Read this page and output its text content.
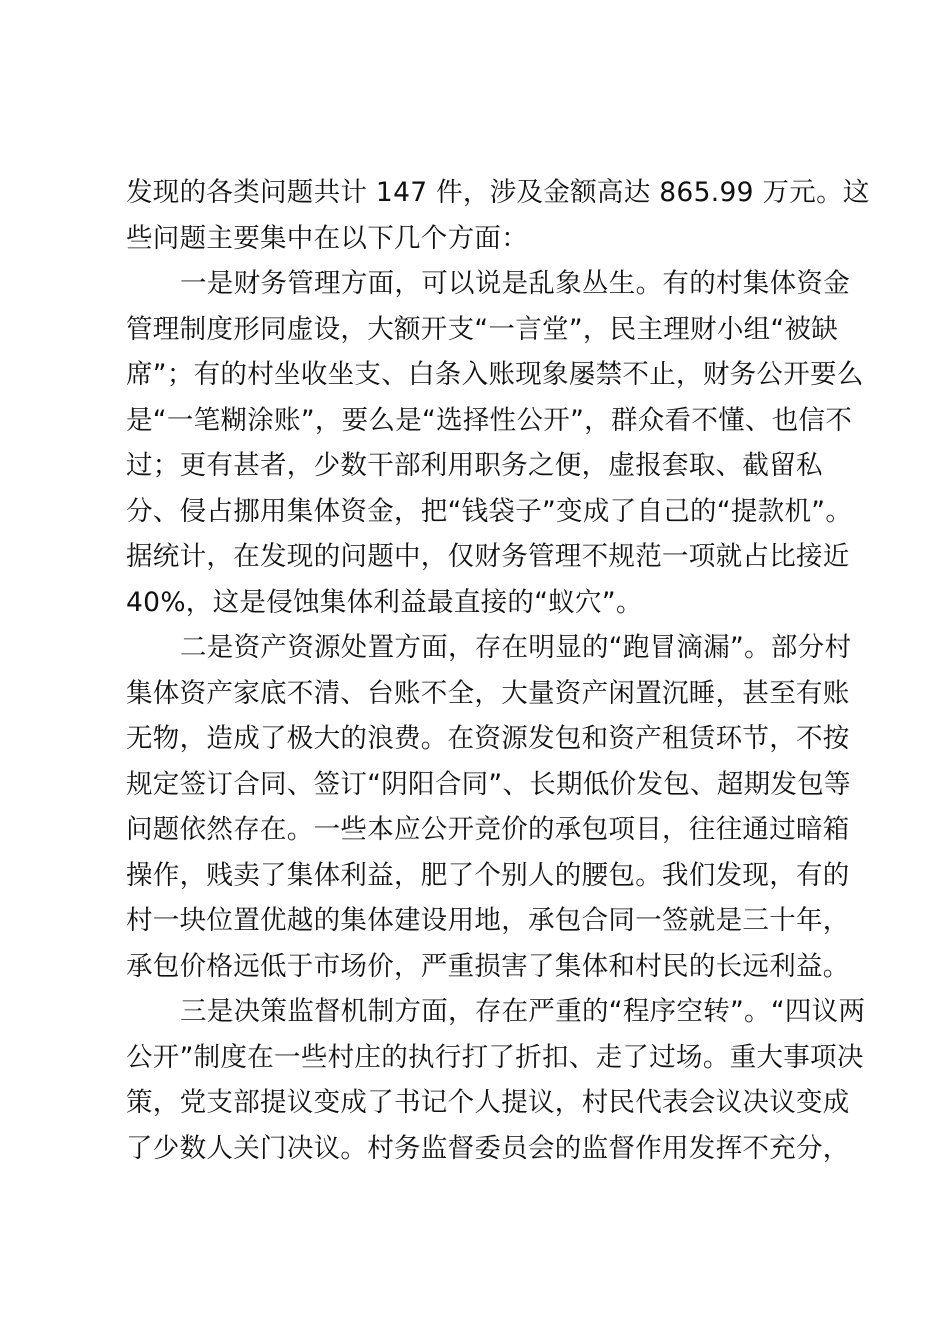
发现的各类问题共计 147 件，涉及金额高达 865.99 万元。这
些问题主要集中在以下几个方面：
一是财务管理方面，可以说是乱象丛生。有的村集体资金
管理制度形同虚设，大额开支“一言堂”，民主理财小组“被缺
席”；有的村坐收坐支、白条入账现象屡禁不止，财务公开要么
是“一笔糊涂账”，要么是“选择性公开”，群众看不懂、也信不
过；更有甚者，少数干部利用职务之便，虚报套取、截留私
分、侵占挪用集体资金，把“钱袋子”变成了自己的“提款机”。
据统计，在发现的问题中，仅财务管理不规范一项就占比接近
40%，这是侵蚀集体利益最直接的“蚁穴”。
二是资产资源处置方面，存在明显的“跑冒滴漏”。部分村
集体资产家底不清、台账不全，大量资产闲置沉睡，甚至有账
无物，造成了极大的浪费。在资源发包和资产租赁环节，不按
规定签订合同、签订“阴阳合同”、长期低价发包、超期发包等
问题依然存在。一些本应公开竞价的承包项目，往往通过暗箱
操作，贱卖了集体利益，肥了个别人的腰包。我们发现，有的
村一块位置优越的集体建设用地，承包合同一签就是三十年，
承包价格远低于市场价，严重损害了集体和村民的长远利益。
三是决策监督机制方面，存在严重的“程序空转”。“四议两
公开”制度在一些村庄的执行打了折扣、走了过场。重大事项决
策，党支部提议变成了书记个人提议，村民代表会议决议变成
了少数人关门决议。村务监督委员会的监督作用发挥不充分，
